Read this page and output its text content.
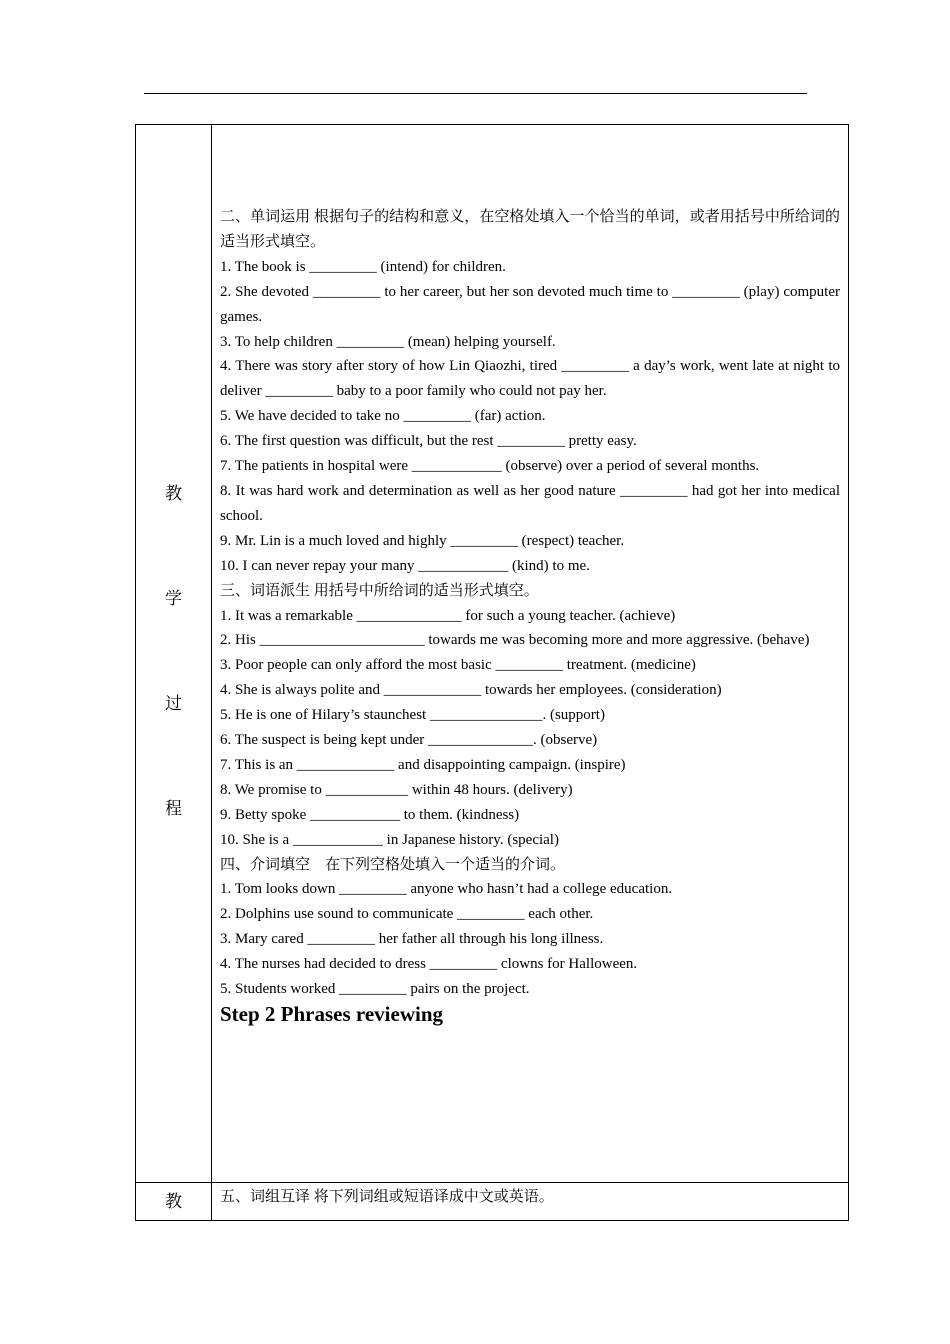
教
学
过
程

二、单词运用 根据句子的结构和意义，在空格处填入一个恰当的单词，或者用括号中所给词的适当形式填空。

1. The book is _________ (intend) for children.

2. She devoted _________ to her career, but her son devoted much time to _________ (play) computer games.

3. To help children _________ (mean) helping yourself.

4. There was story after story of how Lin Qiaozhi, tired _________ a day’s work, went late at night to deliver _________ baby to a poor family who could not pay her.

5. We have decided to take no _________ (far) action.

6. The first question was difficult, but the rest _________ pretty easy.

7. The patients in hospital were ____________ (observe) over a period of several months.

8. It was hard work and determination as well as her good nature _________ had got her into medical school.

9. Mr. Lin is a much loved and highly _________ (respect) teacher.

10. I can never repay your many ____________ (kind) to me.

三、词语派生 用括号中所给词的适当形式填空。

1. It was a remarkable ______________ for such a young teacher. (achieve)

2. His ______________________ towards me was becoming more and more aggressive. (behave)

3. Poor people can only afford the most basic _________ treatment. (medicine)

4. She is always polite and _____________ towards her employees. (consideration)

5. He is one of Hilary’s staunchest _______________. (support)

6. The suspect is being kept under ______________. (observe)

7. This is an _____________ and disappointing campaign. (inspire)

8. We promise to ___________ within 48 hours. (delivery)

9. Betty spoke ____________ to them. (kindness)

10. She is a ____________ in Japanese history. (special)

四、介词填空　在下列空格处填入一个适当的介词。

1. Tom looks down _________ anyone who hasn’t had a college education.

2. Dolphins use sound to communicate _________ each other.

3. Mary cared _________ her father all through his long illness.

4. The nurses had decided to dress _________ clowns for Halloween.

5. Students worked _________ pairs on the project.

Step 2 Phrases reviewing

教	五、词组互译 将下列词组或短语译成中文或英语。
